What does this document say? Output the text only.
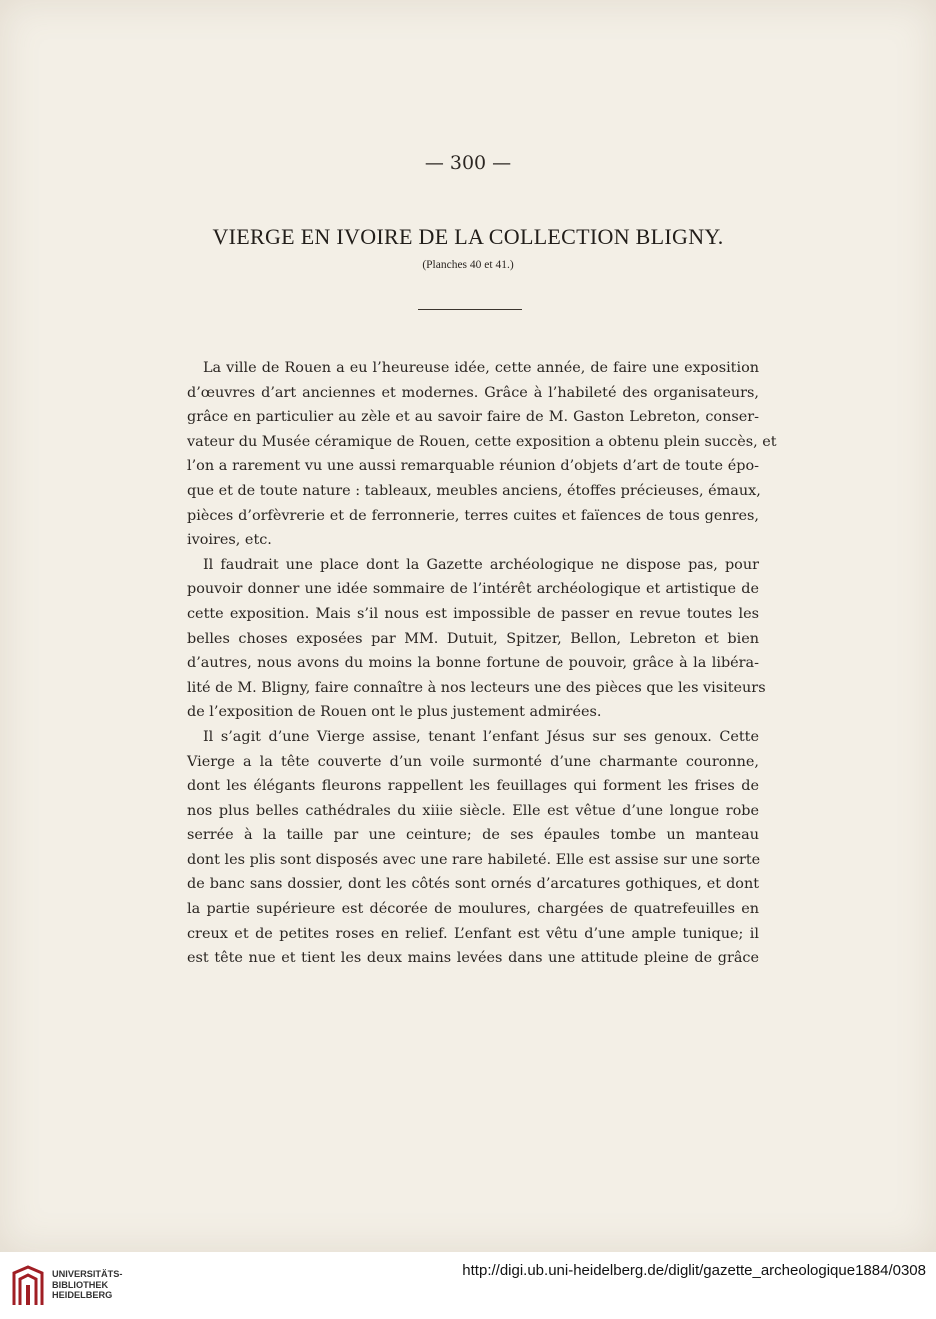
— 300 —
VIERGE EN IVOIRE DE LA COLLECTION BLIGNY.
(Planches 40 et 41.)
La ville de Rouen a eu l’heureuse idée, cette année, de faire une exposition
d’œuvres d’art anciennes et modernes. Grâce à l’habileté des organisateurs,
grâce en particulier au zèle et au savoir faire de M. Gaston Lebreton, conser-
vateur du Musée céramique de Rouen, cette exposition a obtenu plein succès, et
l’on a rarement vu une aussi remarquable réunion d’objets d’art de toute épo-
que et de toute nature : tableaux, meubles anciens, étoffes précieuses, émaux,
pièces d’orfèvrerie et de ferronnerie, terres cuites et faïences de tous genres,
ivoires, etc.
Il faudrait une place dont la Gazette archéologique ne dispose pas, pour
pouvoir donner une idée sommaire de l’intérêt archéologique et artistique de
cette exposition. Mais s’il nous est impossible de passer en revue toutes les
belles choses exposées par MM. Dutuit, Spitzer, Bellon, Lebreton et bien
d’autres, nous avons du moins la bonne fortune de pouvoir, grâce à la libéra-
lité de M. Bligny, faire connaître à nos lecteurs une des pièces que les visiteurs
de l’exposition de Rouen ont le plus justement admirées.
Il s’agit d’une Vierge assise, tenant l’enfant Jésus sur ses genoux. Cette
Vierge a la tête couverte d’un voile surmonté d’une charmante couronne,
dont les élégants fleurons rappellent les feuillages qui forment les frises de
nos plus belles cathédrales du xiiie siècle. Elle est vêtue d’une longue robe
serrée à la taille par une ceinture; de ses épaules tombe un manteau
dont les plis sont disposés avec une rare habileté. Elle est assise sur une sorte
de banc sans dossier, dont les côtés sont ornés d’arcatures gothiques, et dont
la partie supérieure est décorée de moulures, chargées de quatrefeuilles en
creux et de petites roses en relief. L’enfant est vêtu d’une ample tunique; il
est tête nue et tient les deux mains levées dans une attitude pleine de grâce
UNIVERSITÄTS-
BIBLIOTHEK
HEIDELBERG
http://digi.ub.uni-heidelberg.de/diglit/gazette_archeologique1884/0308
